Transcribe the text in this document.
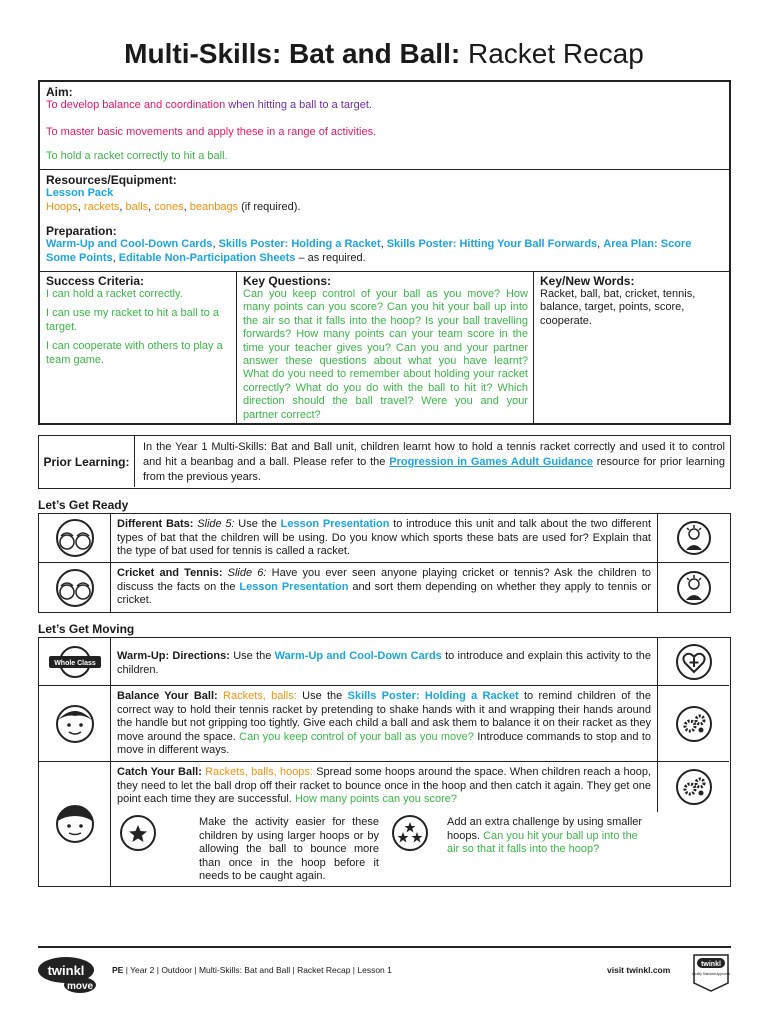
Multi-Skills: Bat and Ball: Racket Recap
Aim:
To develop balance and coordination when hitting a ball to a target.
To master basic movements and apply these in a range of activities.
To hold a racket correctly to hit a ball.
Resources/Equipment:
Lesson Pack
Hoops, rackets, balls, cones, beanbags (if required).
Preparation:
Warm-Up and Cool-Down Cards, Skills Poster: Holding a Racket, Skills Poster: Hitting Your Ball Forwards, Area Plan: Score Some Points, Editable Non-Participation Sheets – as required.
Success Criteria:

I can hold a racket correctly.

I can use my racket to hit a ball to a target.

I can cooperate with others to play a team game.

Key Questions:
Can you keep control of your ball as you move? How many points can you score? Can you hit your ball up into the air so that it falls into the hoop? Is your ball travelling forwards? How many points can your team score in the time your teacher gives you? Can you and your partner answer these questions about what you have learnt? What do you need to remember about holding your racket correctly? What do you do with the ball to hit it? Which direction should the ball travel? Were you and your partner correct?
Key/New Words:
Racket, ball, bat, cricket, tennis, balance, target, points, score, cooperate.
Prior Learning:
In the Year 1 Multi-Skills: Bat and Ball unit, children learnt how to hold a tennis racket correctly and used it to control and hit a beanbag and a ball. Please refer to the Progression in Games Adult Guidance resource for prior learning from the previous years.
Let’s Get Ready
Different Bats: Slide 5: Use the Lesson Presentation to introduce this unit and talk about the two different types of bat that the children will be using. Do you know which sports these bats are used for? Explain that the type of bat used for tennis is called a racket.
Cricket and Tennis: Slide 6: Have you ever seen anyone playing cricket or tennis? Ask the children to discuss the facts on the Lesson Presentation and sort them depending on whether they apply to tennis or cricket.
Let’s Get Moving
Whole Class
Warm-Up: Directions: Use the Warm-Up and Cool-Down Cards to introduce and explain this activity to the children.
Balance Your Ball: Rackets, balls: Use the Skills Poster: Holding a Racket to remind children of the correct way to hold their tennis racket by pretending to shake hands with it and wrapping their hands around the handle but not gripping too tightly. Give each child a ball and ask them to balance it on their racket as they move around the space. Can you keep control of your ball as you move? Introduce commands to stop and to move in different ways.
Catch Your Ball: Rackets, balls, hoops: Spread some hoops around the space. When children reach a hoop, they need to let the ball drop off their racket to bounce once in the hoop and then catch it again. They get one point each time they are successful. How many points can you score?
Make the activity easier for these children by using larger hoops or by allowing the ball to bounce more than once in the hoop before it needs to be caught again.
Add an extra challenge by using smaller hoops. Can you hit your ball up into the air so that it falls into the hoop?
twinkl
move
PE | Year 2 | Outdoor | Multi-Skills: Bat and Ball | Racket Recap | Lesson 1	visit twinkl.com
twinkl
Quality Standard Approved
